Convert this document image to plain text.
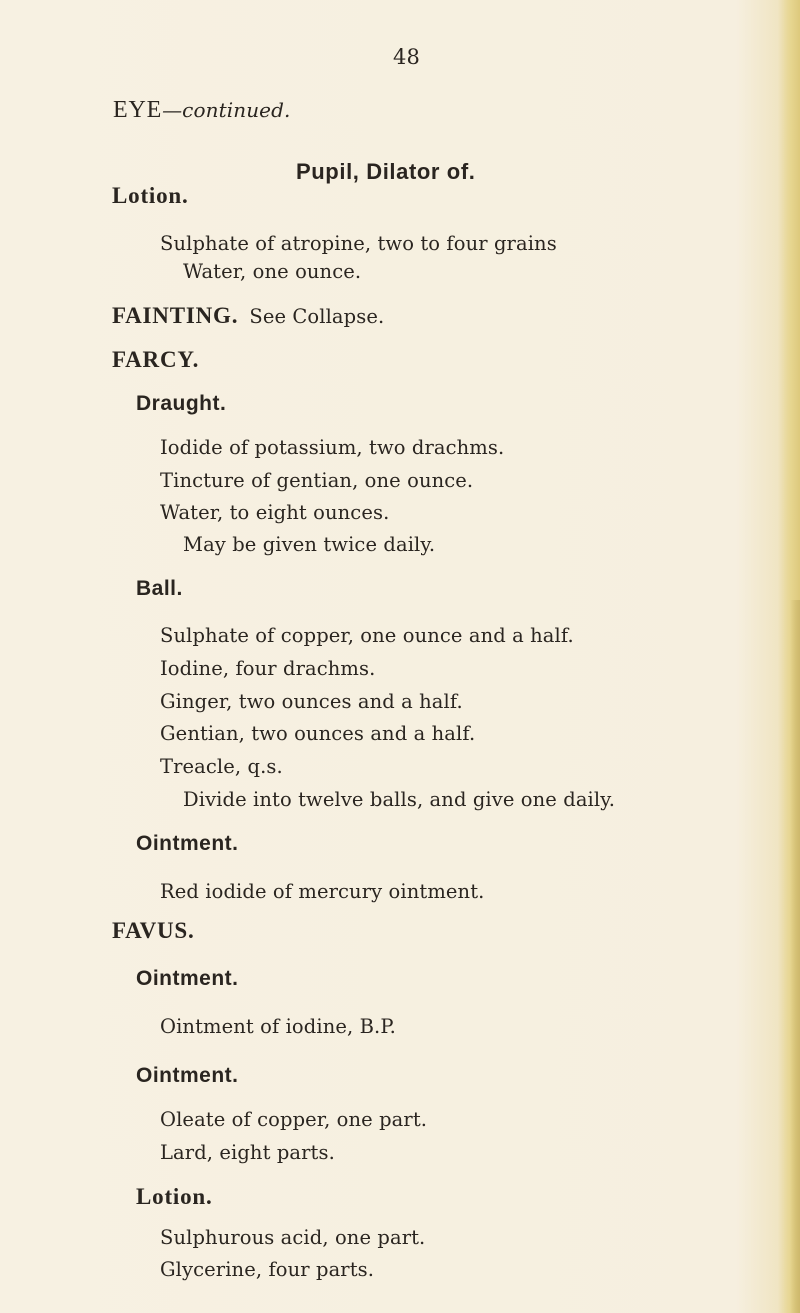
48
EYE—continued.
Pupil, Dilator of.
Lotion.
Sulphate of atropine, two to four grains
Water, one ounce.
FAINTING. See Collapse.
FARCY.
Draught.
Iodide of potassium, two drachms.
Tincture of gentian, one ounce.
Water, to eight ounces.
May be given twice daily.
Ball.
Sulphate of copper, one ounce and a half.
Iodine, four drachms.
Ginger, two ounces and a half.
Gentian, two ounces and a half.
Treacle, q.s.
Divide into twelve balls, and give one daily.
Ointment.
Red iodide of mercury ointment.
FAVUS.
Ointment.
Ointment of iodine, B.P.
Ointment.
Oleate of copper, one part.
Lard, eight parts.
Lotion.
Sulphurous acid, one part.
Glycerine, four parts.
